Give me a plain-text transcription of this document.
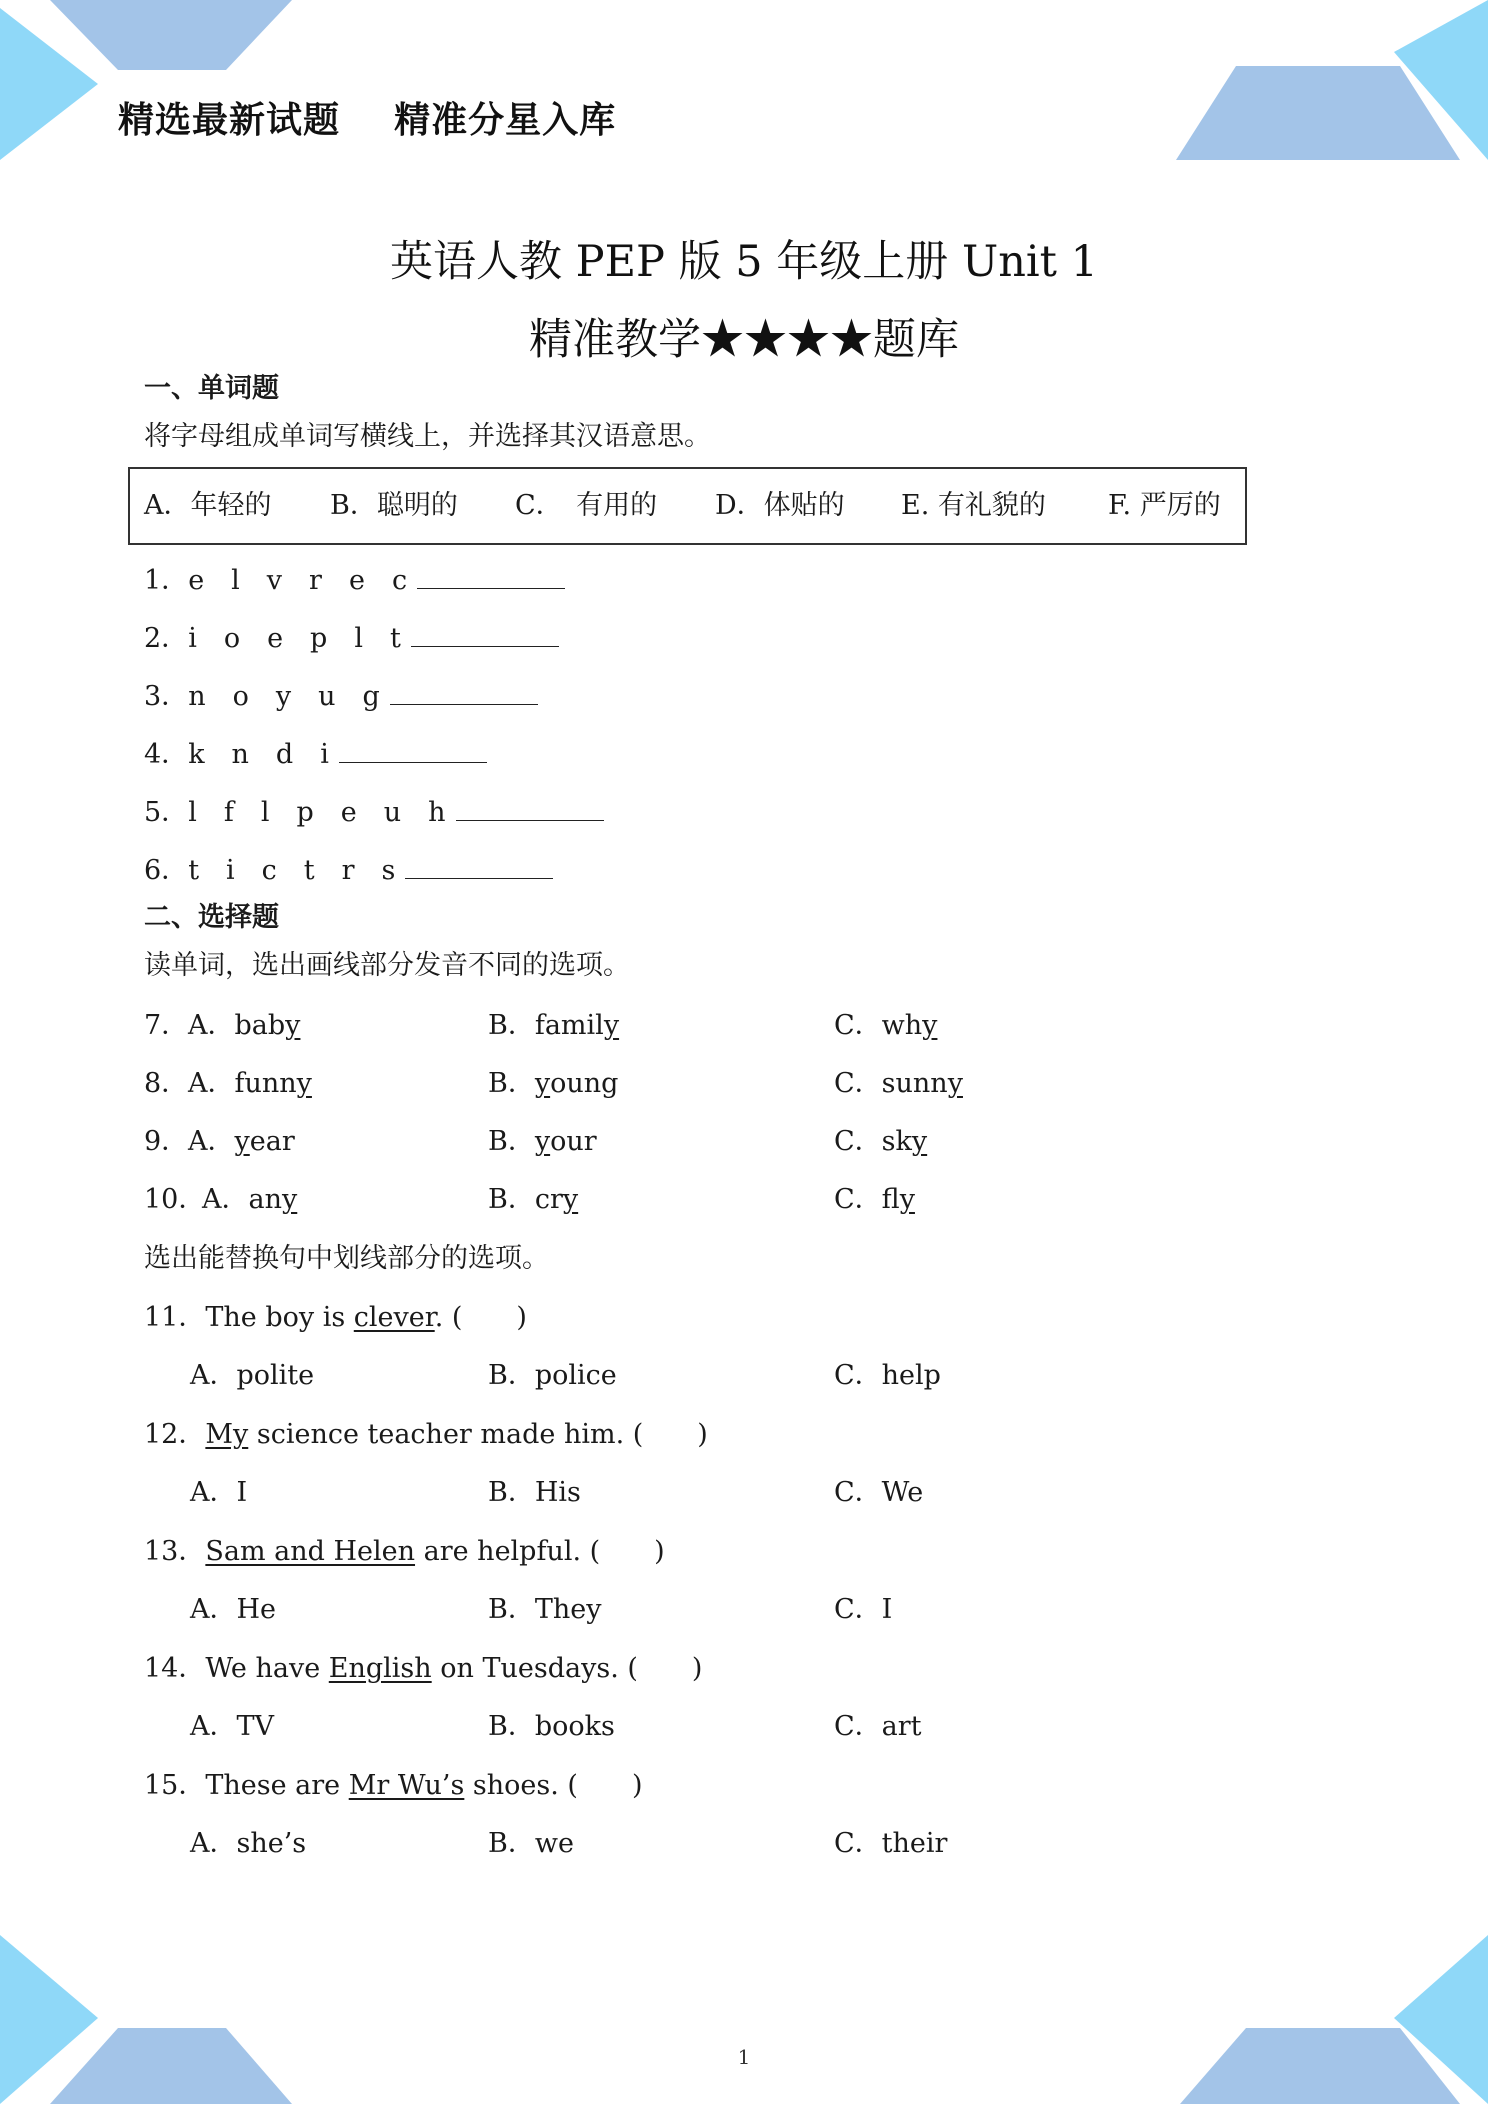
精选最新试题    精准分星入库
英语人教 PEP 版 5 年级上册 Unit 1
精准教学★★★★题库
一、单词题
将字母组成单词写横线上，并选择其汉语意思。
A．年轻的 B．聪明的 C．　有用的 D．体贴的 E. 有礼貌的 F. 严厉的
1．e　l　v　r　e　c
2．i　o　e　p　l　t
3．n　o　y　u　g
4．k　n　d　i
5．l　f　l　p　e　u　h
6．t　i　c　t　r　s
二、选择题
读单词，选出画线部分发音不同的选项。
7． A．baby	B．family	C．why
8． A．funny	B．young	C．sunny
9． A．year	B．your	C．sky
10．
A．any	B．cry	C．fly
选出能替换句中划线部分的选项。
11．The boy is clever. (　　)
A．polite	B．police	C．help
12．My science teacher made him. (　　)
A．I	B．His	C．We
13．Sam and Helen are helpful. (　　)
A．He	B．They	C．I
14．We have English on Tuesdays. (　　)
A．TV	B．books	C．art
15．These are Mr Wu’s shoes. (　　)
A．she’s	B．we	C．their
1
